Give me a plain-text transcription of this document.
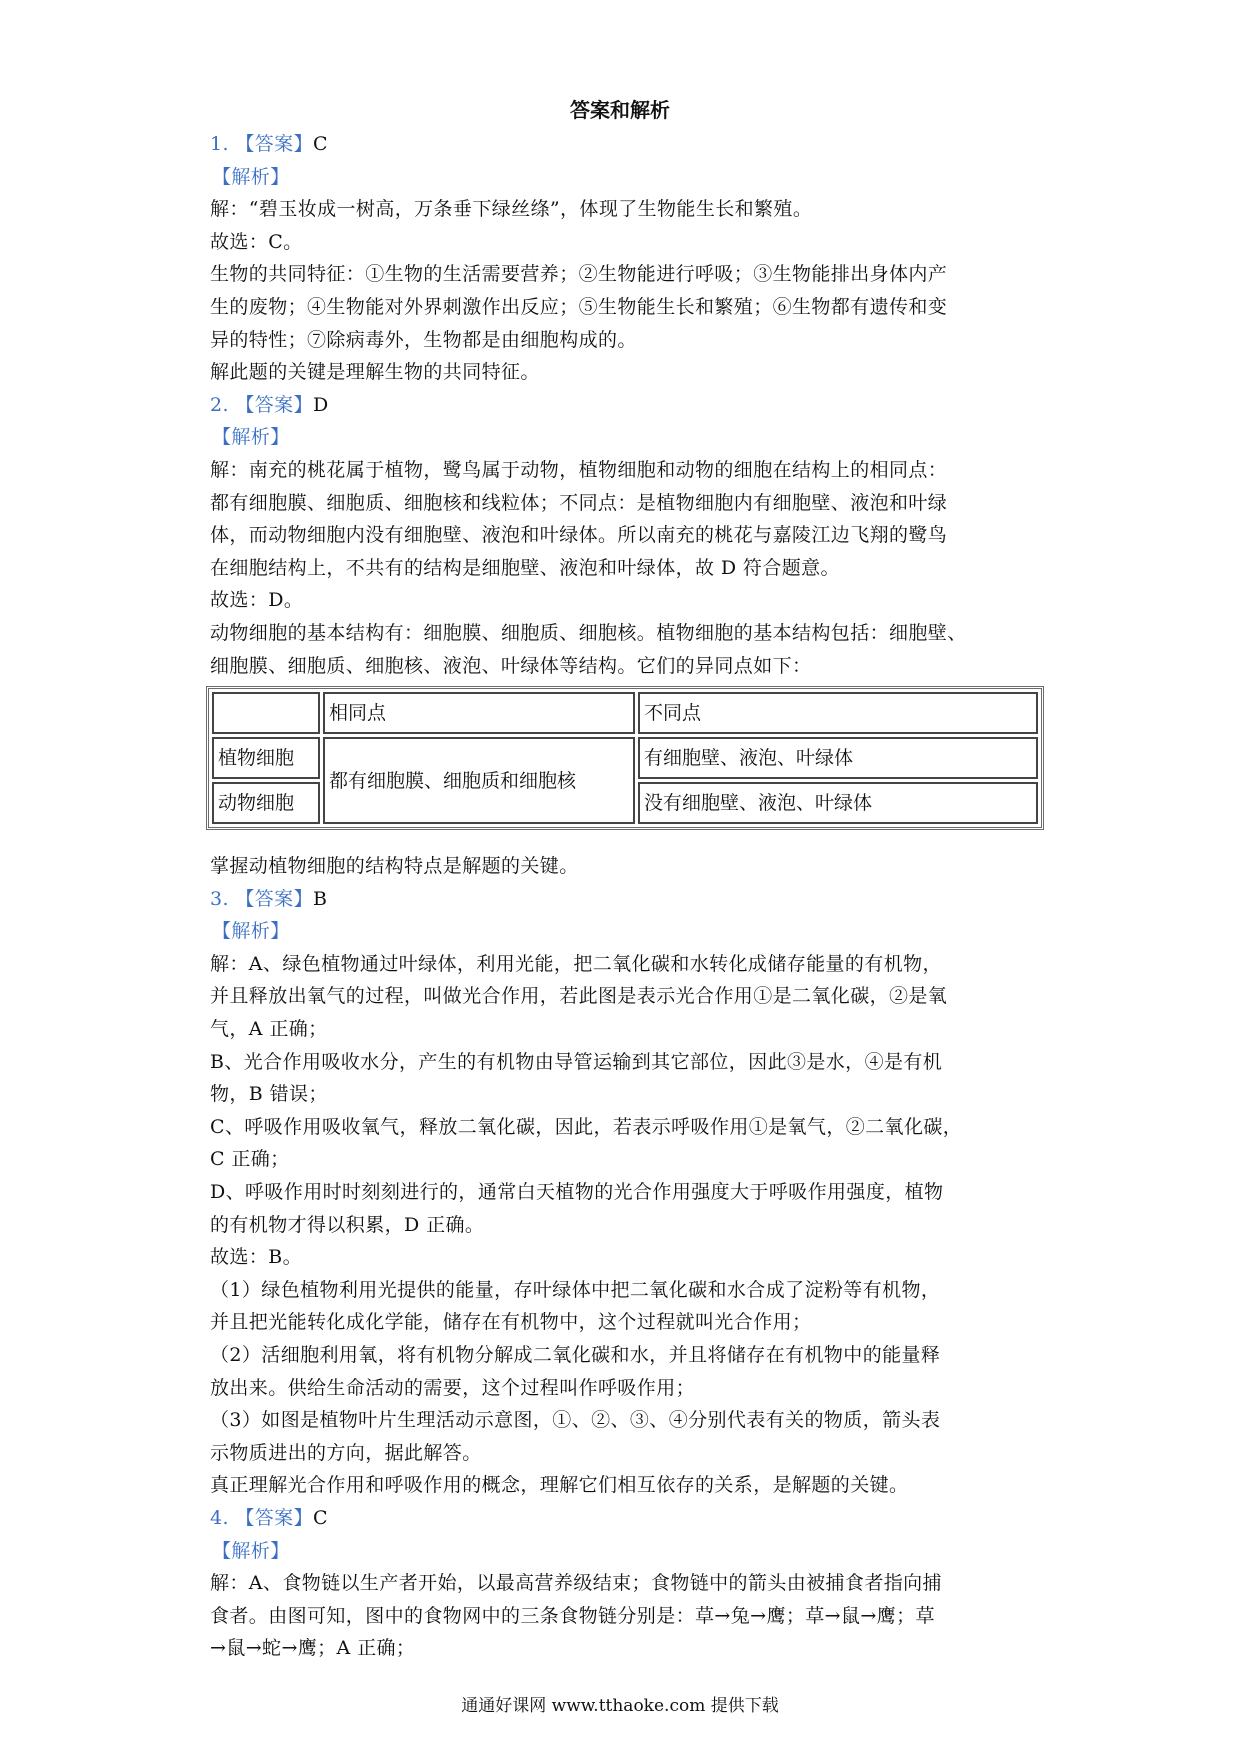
答案和解析
1. 【答案】C
【解析】
解：“碧玉妆成一树高，万条垂下绿丝绦”，体现了生物能生长和繁殖。
故选：C。
生物的共同特征：①生物的生活需要营养；②生物能进行呼吸；③生物能排出身体内产
生的废物；④生物能对外界刺激作出反应；⑤生物能生长和繁殖；⑥生物都有遗传和变
异的特性；⑦除病毒外，生物都是由细胞构成的。
解此题的关键是理解生物的共同特征。
2. 【答案】D
【解析】
解：南充的桃花属于植物，鹭鸟属于动物，植物细胞和动物的细胞在结构上的相同点：
都有细胞膜、细胞质、细胞核和线粒体；不同点：是植物细胞内有细胞壁、液泡和叶绿
体，而动物细胞内没有细胞壁、液泡和叶绿体。所以南充的桃花与嘉陵江边飞翔的鹭鸟
在细胞结构上，不共有的结构是细胞壁、液泡和叶绿体，故 D 符合题意。
故选：D。
动物细胞的基本结构有：细胞膜、细胞质、细胞核。植物细胞的基本结构包括：细胞壁、
细胞膜、细胞质、细胞核、液泡、叶绿体等结构。它们的异同点如下：
	相同点	不同点
植物细胞	都有细胞膜、细胞质和细胞核	有细胞壁、液泡、叶绿体
动物细胞		没有细胞壁、液泡、叶绿体
掌握动植物细胞的结构特点是解题的关键。
3. 【答案】B
【解析】
解：A、绿色植物通过叶绿体，利用光能，把二氧化碳和水转化成储存能量的有机物，
并且释放出氧气的过程，叫做光合作用，若此图是表示光合作用①是二氧化碳，②是氧
气，A 正确；
B、光合作用吸收水分，产生的有机物由导管运输到其它部位，因此③是水，④是有机
物，B 错误；
C、呼吸作用吸收氧气，释放二氧化碳，因此，若表示呼吸作用①是氧气，②二氧化碳，
C 正确；
D、呼吸作用时时刻刻进行的，通常白天植物的光合作用强度大于呼吸作用强度，植物
的有机物才得以积累，D 正确。
故选：B。
（1）绿色植物利用光提供的能量，存叶绿体中把二氧化碳和水合成了淀粉等有机物，
并且把光能转化成化学能，储存在有机物中，这个过程就叫光合作用；
（2）活细胞利用氧，将有机物分解成二氧化碳和水，并且将储存在有机物中的能量释
放出来。供给生命活动的需要，这个过程叫作呼吸作用；
（3）如图是植物叶片生理活动示意图，①、②、③、④分别代表有关的物质，箭头表
示物质进出的方向，据此解答。
真正理解光合作用和呼吸作用的概念，理解它们相互依存的关系，是解题的关键。
4. 【答案】C
【解析】
解：A、食物链以生产者开始，以最高营养级结束；食物链中的箭头由被捕食者指向捕
食者。由图可知，图中的食物网中的三条食物链分别是：草→兔→鹰；草→鼠→鹰；草
→鼠→蛇→鹰；A 正确；
通通好课网 www.tthaoke.com 提供下载
